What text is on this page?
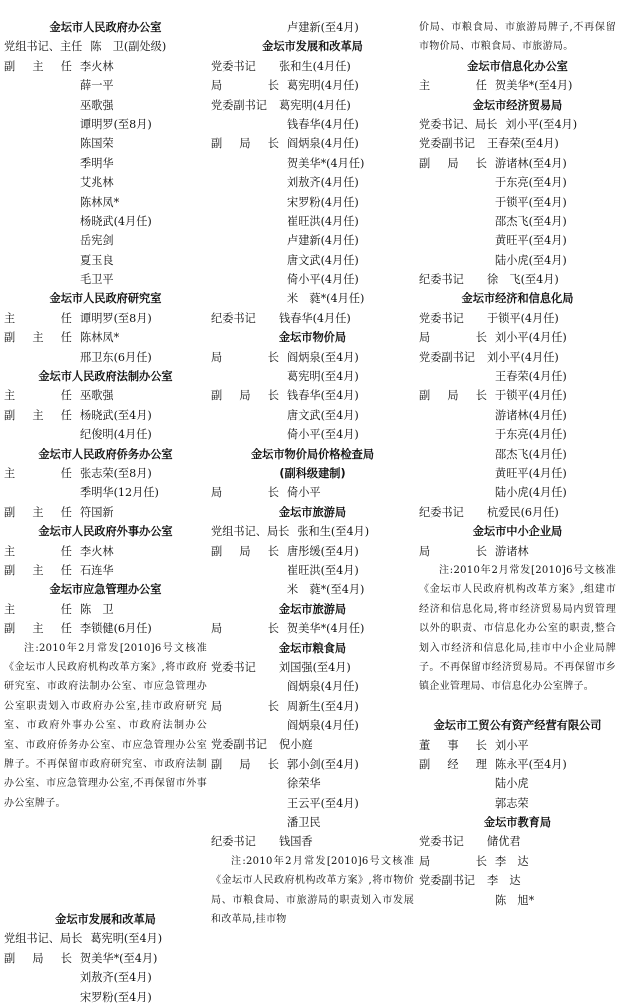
金坛市人民政府办公室
党组书记、主任 陈　卫(副处级)
副 主 任 李火林
薛一平
巫歌强
谭明罗(至8月)
陈国荣
季明华
艾兆林
陈林凤*
杨晓武(4月任)
岳宪剑
夏玉良
毛卫平
金坛市人民政府研究室
主	任 谭明罗(至8月)
副 主 任 陈林凤*
邢卫东(6月任)
金坛市人民政府法制办公室
主	任 巫歌强
副 主 任 杨晓武(至4月)
纪俊明(4月任)
金坛市人民政府侨务办公室
主	任 张志荣(至8月)
季明华(12月任)
副 主 任 符国新
金坛市人民政府外事办公室
主	任 李火林
副 主 任 石连华
金坛市应急管理办公室
主	任 陈　卫
副 主 任 李锁健(6月任)
注:2010年2月常发[2010]6号文核准《金坛市人民政府机构改革方案》,将市政府研究室、市政府法制办公室、市应急管理办公室职责划入市政府办公室,挂市政府研究室、市政府外事办公室、市政府法制办公室、市政府侨务办公室、市应急管理办公室牌子。不再保留市政府研究室、市政府法制办公室、市应急管理办公室,不再保留市外事办公室牌子。
金坛市发展和改革局
党组书记、局长 葛宪明(至4月)
副 局 长 贺美华*(至4月)
刘敖齐(至4月)
宋罗粉(至4月)
卢建新(至4月)
金坛市发展和改革局
党委书记 张和生(4月任)
局	长 葛宪明(4月任)
党委副书记 葛宪明(4月任)
钱春华(4月任)
副 局 长 阎炳泉(4月任)
贺美华*(4月任)
刘敖齐(4月任)
宋罗粉(4月任)
崔旺洪(4月任)
卢建新(4月任)
唐文武(4月任)
倚小平(4月任)
米　蕤*(4月任)
纪委书记 钱春华(4月任)
金坛市物价局
局	长 阎炳泉(至4月)
葛宪明(至4月)
副 局 长 钱春华(至4月)
唐文武(至4月)
倚小平(至4月)
金坛市物价局价格检查局
(副科级建制)
局	长 倚小平
金坛市旅游局
党组书记、局长 张和生(至4月)
副 局 长 唐彤缓(至4月)
崔旺洪(至4月)
米　蕤*(至4月)
金坛市旅游局
局	长 贺美华*(4月任)
金坛市粮食局
党委书记 刘国强(至4月)
阎炳泉(4月任)
局	长 周新生(至4月)
阎炳泉(4月任)
党委副书记 倪小庭
副 局 长 郭小剑(至4月)
徐荣华
王云平(至4月)
潘卫民
纪委书记 钱国香
注:2010年2月常发[2010]6号文核准《金坛市人民政府机构改革方案》,将市物价局、市粮食局、市旅游局的职责划入市发展和改革局,挂市物
价局、市粮食局、市旅游局牌子,不再保留市物价局、市粮食局、市旅游局。
金坛市信息化办公室
主	任 贺美华*(至4月)
金坛市经济贸易局
党委书记、局长 刘小平(至4月)
党委副书记 王春荣(至4月)
副 局 长 游诸林(至4月)
于东亮(至4月)
于锁平(至4月)
邵杰飞(至4月)
黄旺平(至4月)
陆小虎(至4月)
纪委书记 徐　飞(至4月)
金坛市经济和信息化局
党委书记 于锁平(4月任)
局	长 刘小平(4月任)
党委副书记 刘小平(4月任)
王春荣(4月任)
副 局 长 于锁平(4月任)
游诸林(4月任)
于东亮(4月任)
邵杰飞(4月任)
黄旺平(4月任)
陆小虎(4月任)
纪委书记 杭爱民(6月任)
金坛市中小企业局
局	长 游诸林
注:2010年2月常发[2010]6号文核准《金坛市人民政府机构改革方案》,组建市经济和信息化局,将市经济贸易局内贸管理以外的职责、市信息化办公室的职责,整合划入市经济和信息化局,挂市中小企业局牌子。不再保留市经济贸易局。不再保留市乡镇企业管理局、市信息化办公室牌子。
金坛市工贸公有资产经营有限公司
董 事 长 刘小平
副 经 理 陈永平(至4月)
陆小虎
郭志荣
金坛市教育局
党委书记 储优君
局	长 李　达
党委副书记 李　达
陈　旭*
